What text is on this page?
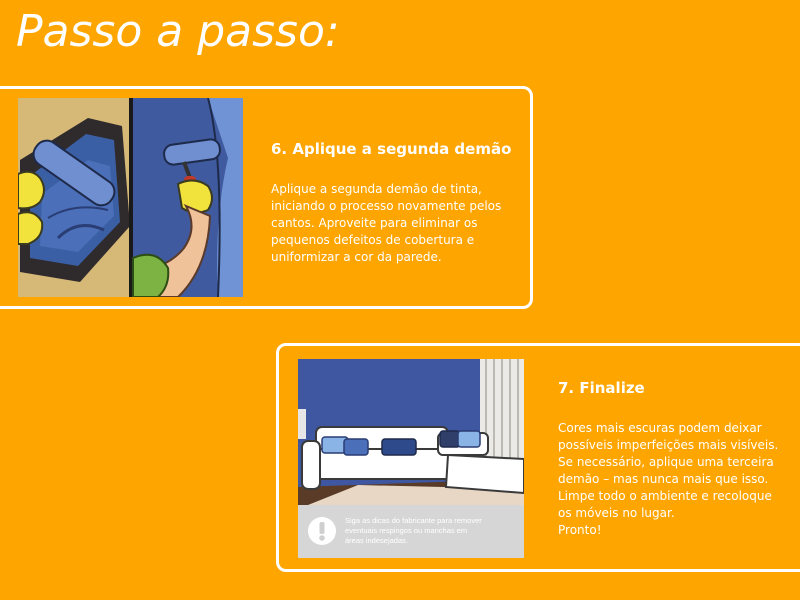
Passo a passo:
6. Aplique a segunda demão

Aplique a segunda demão de tinta,
iniciando o processo novamente pelos
cantos. Aproveite para eliminar os
pequenos defeitos de cobertura e
uniformizar a cor da parede.

Siga as dicas do fabricante para remover
eventuais respingos ou manchas em
áreas indesejadas.
7. Finalize

Cores mais escuras podem deixar
possíveis imperfeições mais visíveis.
Se necessário, aplique uma terceira
demão – mas nunca mais que isso.
Limpe todo o ambiente e recoloque
os móveis no lugar.
Pronto!
